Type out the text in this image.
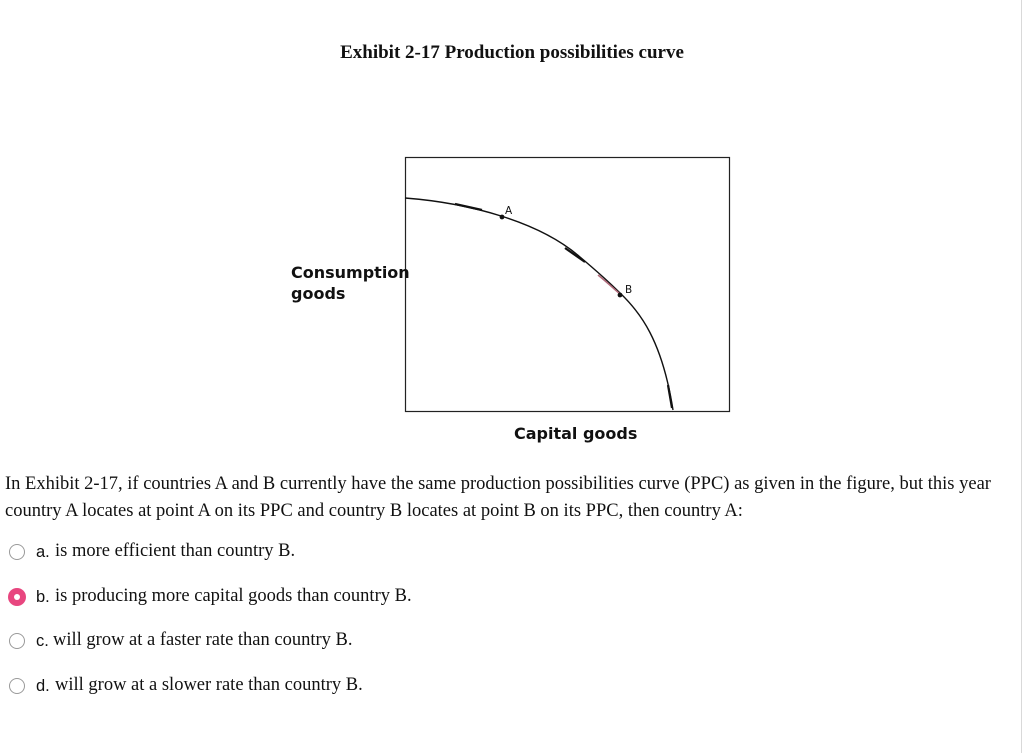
Exhibit 2-17 Production possibilities curve
A
B
Consumption
goods
Capital goods
In Exhibit 2-17, if countries A and B currently have the same production possibilities curve (PPC) as given in the figure, but this year country A locates at point A on its PPC and country B locates at point B on its PPC, then country A:
a. is more efficient than country B.
b. is producing more capital goods than country B.
c. will grow at a faster rate than country B.
d. will grow at a slower rate than country B.
